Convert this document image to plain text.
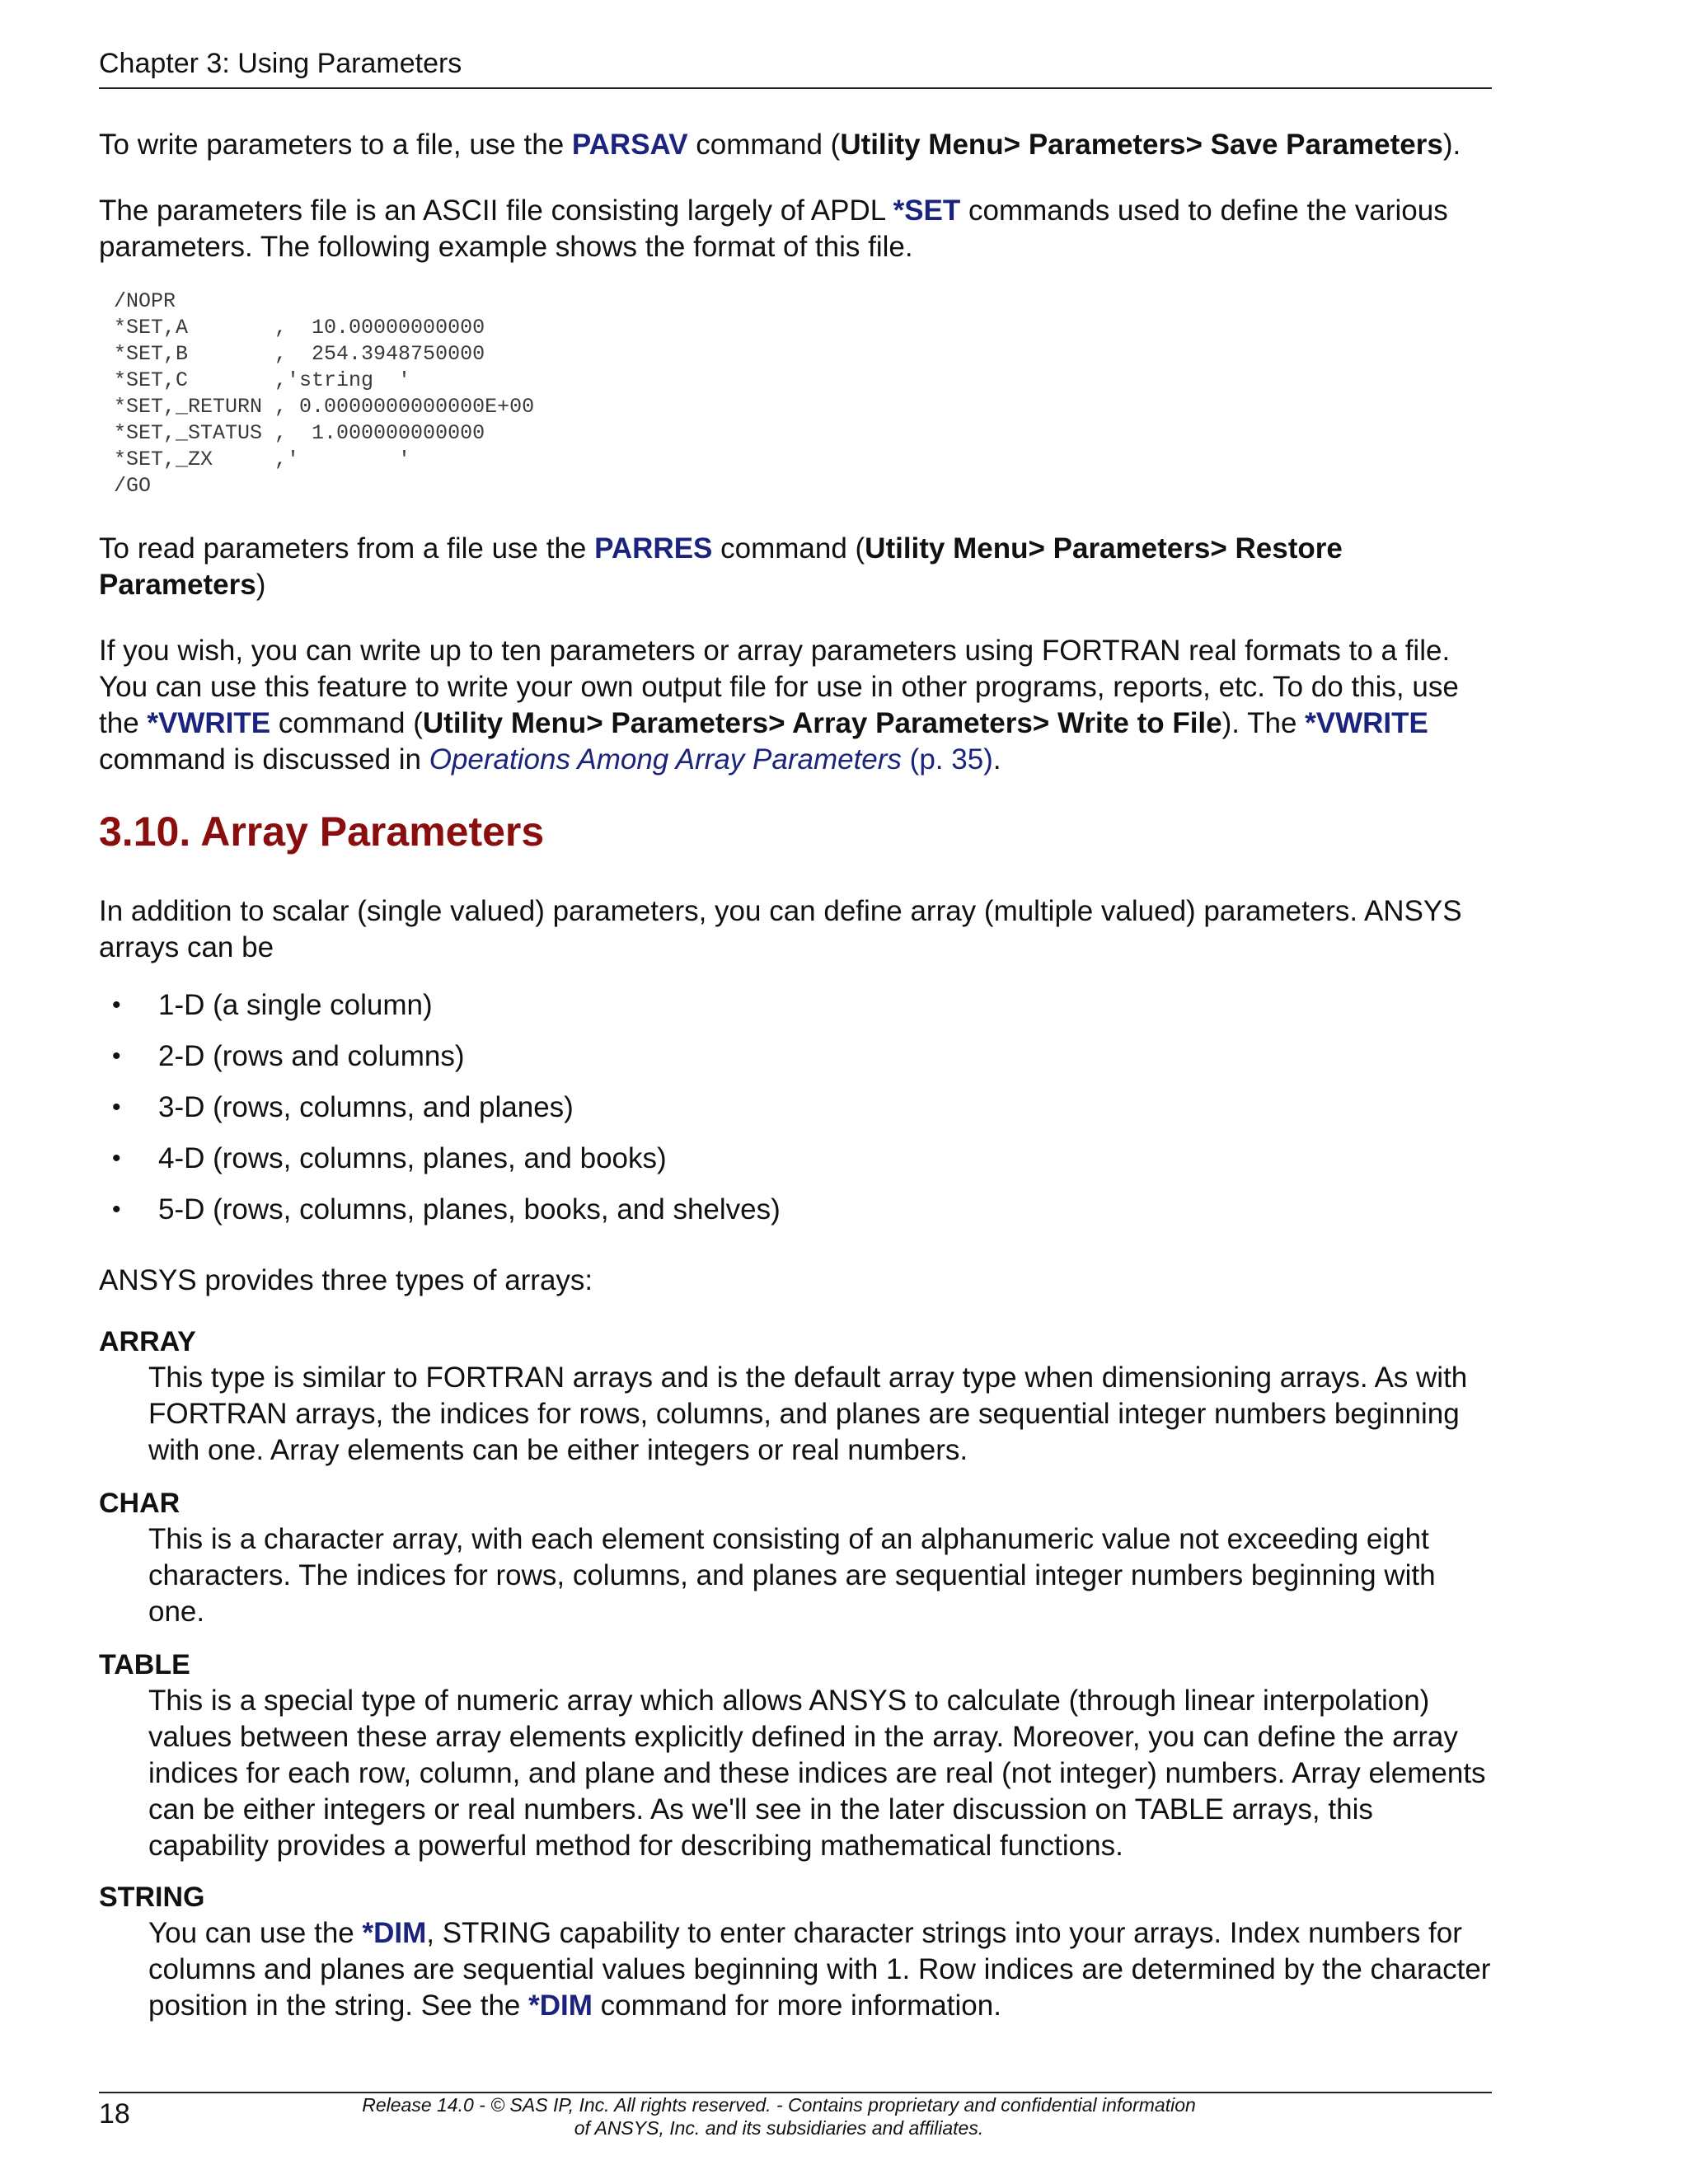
Chapter 3: Using Parameters

To write parameters to a file, use the PARSAV command (Utility Menu> Parameters> Save Parameters).

The parameters file is an ASCII file consisting largely of APDL *SET commands used to define the various parameters. The following example shows the format of this file.

/NOPR
*SET,A       ,  10.00000000000
*SET,B       ,  254.3948750000
*SET,C       ,'string  '
*SET,_RETURN , 0.0000000000000E+00
*SET,_STATUS ,  1.000000000000
*SET,_ZX     ,'        '
/GO

To read parameters from a file use the PARRES command (Utility Menu> Parameters> Restore Parameters)

If you wish, you can write up to ten parameters or array parameters using FORTRAN real formats to a file. You can use this feature to write your own output file for use in other programs, reports, etc. To do this, use the *VWRITE command (Utility Menu> Parameters> Array Parameters> Write to File). The *VWRITE command is discussed in Operations Among Array Parameters (p. 35).

3.10. Array Parameters

In addition to scalar (single valued) parameters, you can define array (multiple valued) parameters. ANSYS arrays can be

• 1-D (a single column)
• 2-D (rows and columns)
• 3-D (rows, columns, and planes)
• 4-D (rows, columns, planes, and books)
• 5-D (rows, columns, planes, books, and shelves)

ANSYS provides three types of arrays:

ARRAY

This type is similar to FORTRAN arrays and is the default array type when dimensioning arrays. As with FORTRAN arrays, the indices for rows, columns, and planes are sequential integer numbers beginning with one. Array elements can be either integers or real numbers.

CHAR

This is a character array, with each element consisting of an alphanumeric value not exceeding eight characters. The indices for rows, columns, and planes are sequential integer numbers beginning with one.

TABLE

This is a special type of numeric array which allows ANSYS to calculate (through linear interpolation) values between these array elements explicitly defined in the array. Moreover, you can define the array indices for each row, column, and plane and these indices are real (not integer) numbers. Array elements can be either integers or real numbers. As we'll see in the later discussion on TABLE arrays, this capability provides a powerful method for describing mathematical functions.

STRING

You can use the *DIM, STRING capability to enter character strings into your arrays. Index numbers for columns and planes are sequential values beginning with 1. Row indices are determined by the character position in the string. See the *DIM command for more information.

18	Release 14.0 - © SAS IP, Inc. All rights reserved. - Contains proprietary and confidential information
of ANSYS, Inc. and its subsidiaries and affiliates.
